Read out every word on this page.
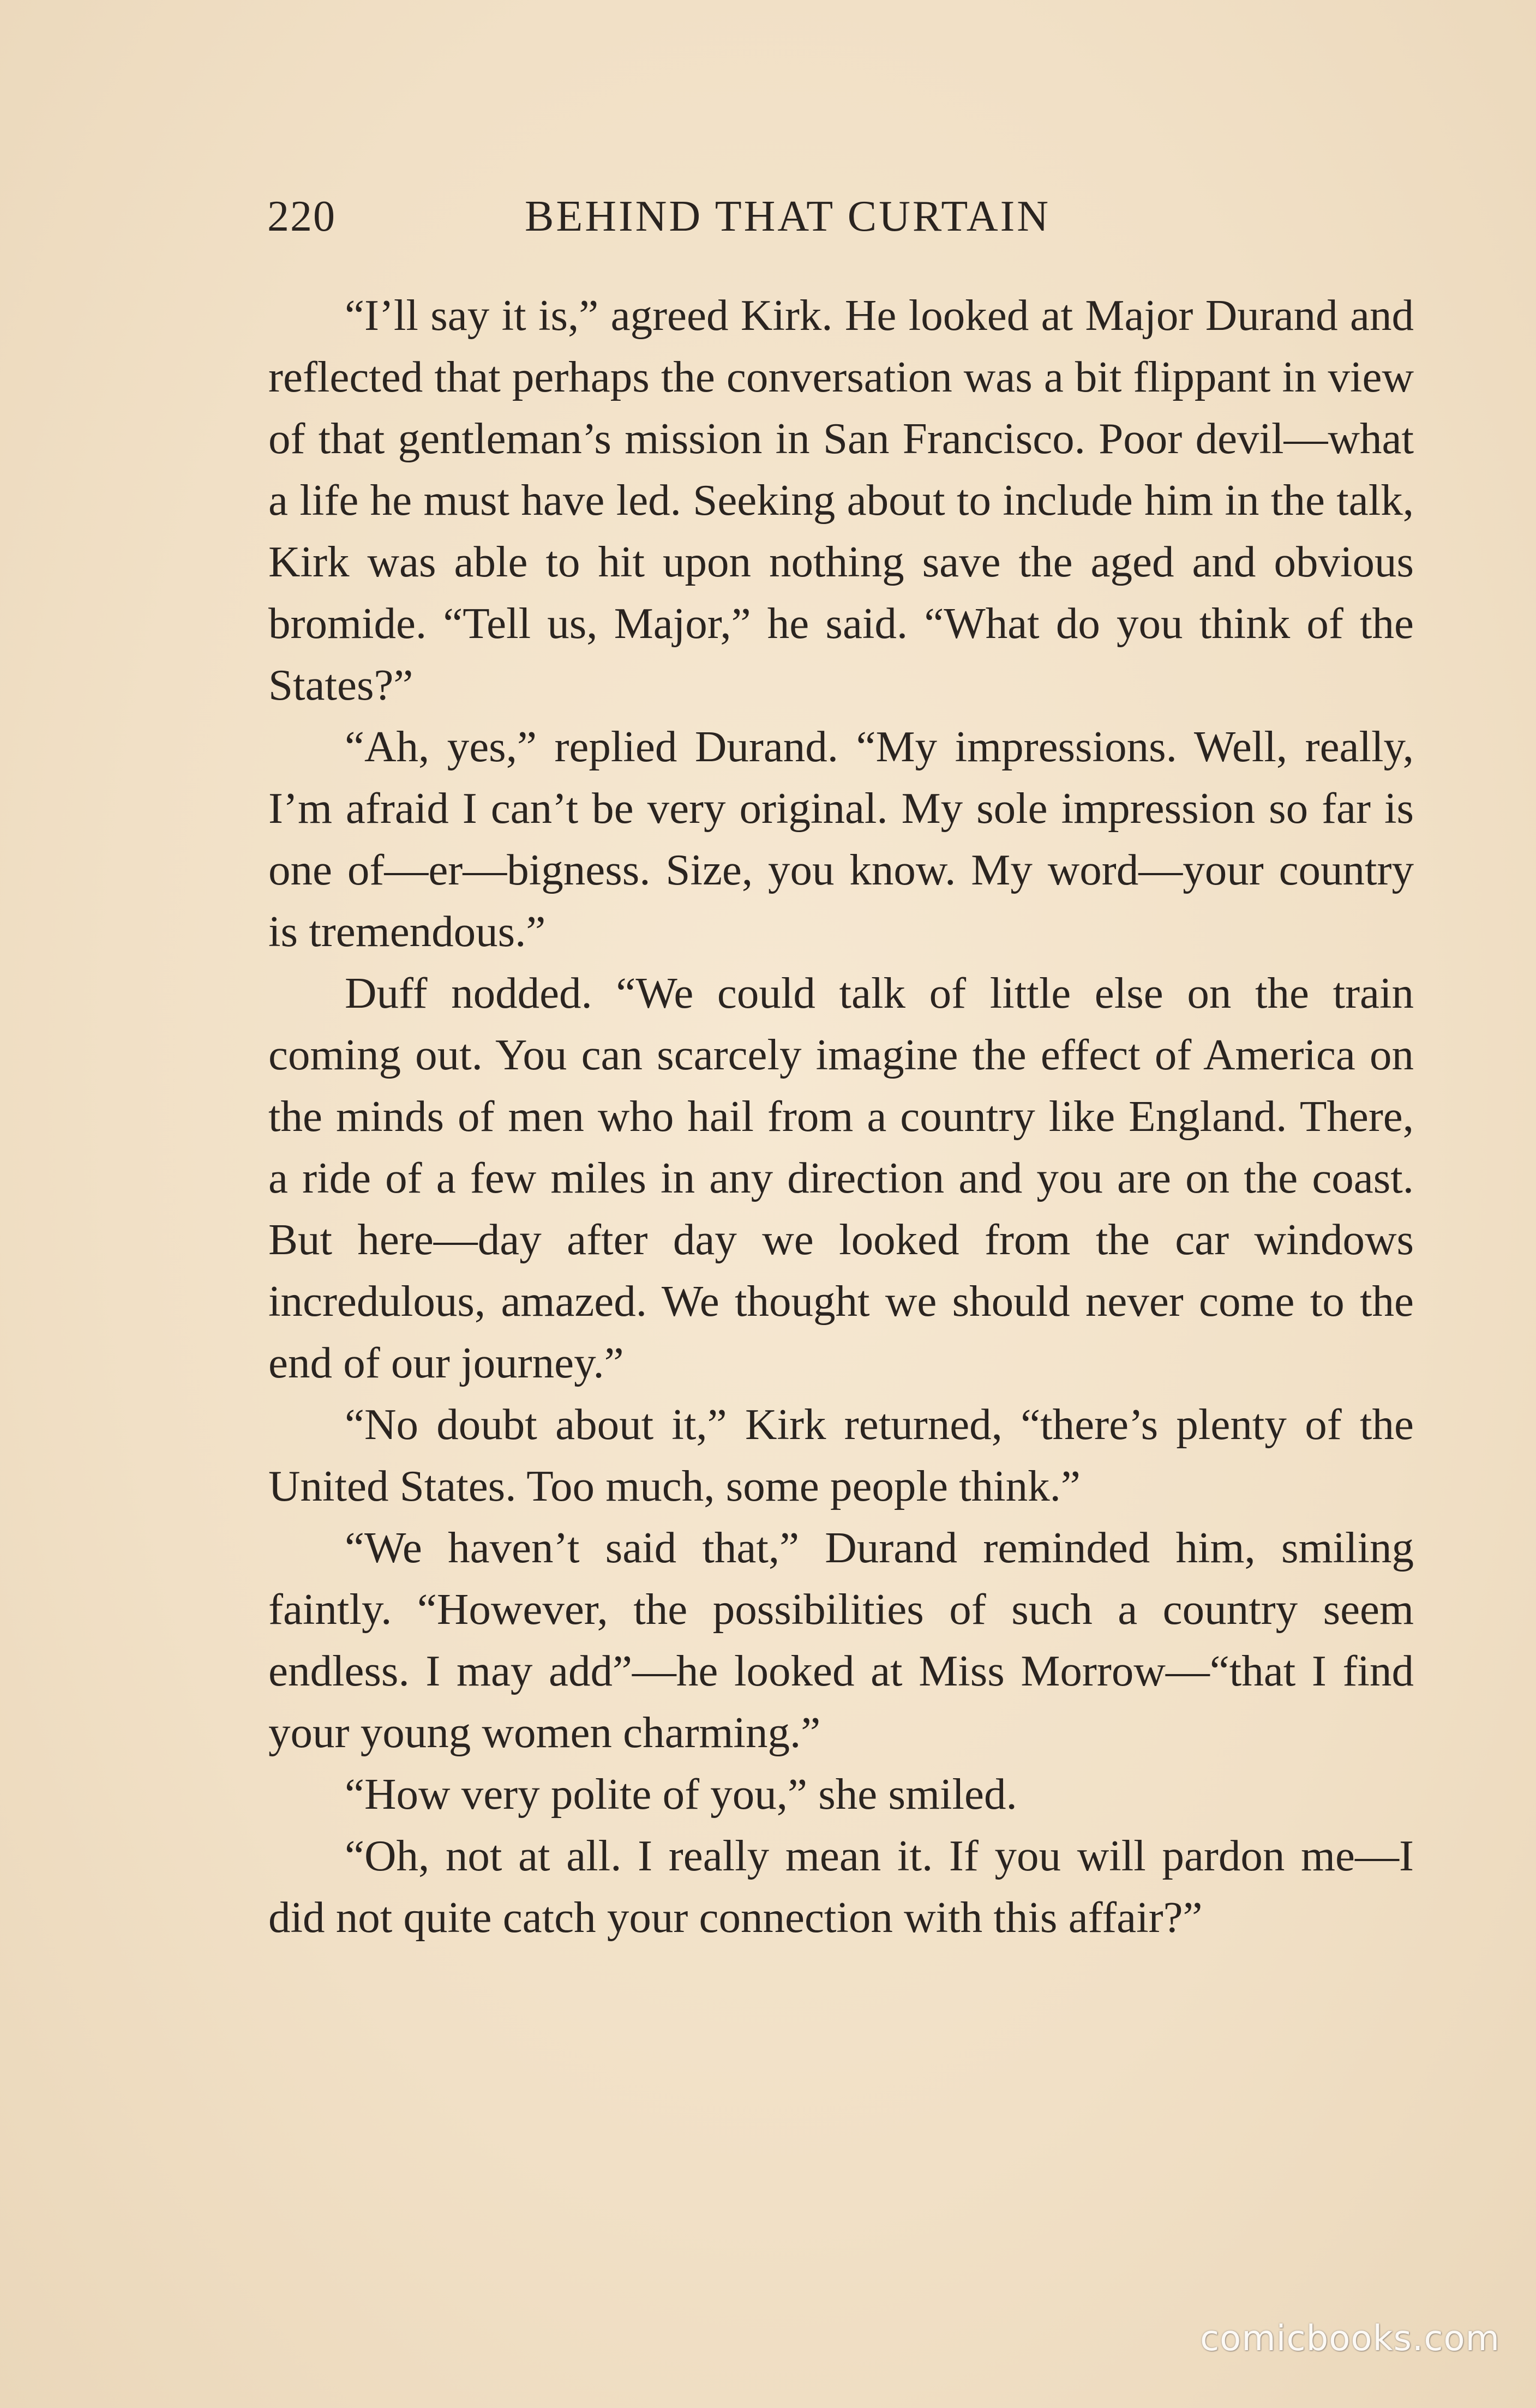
220	BEHIND THAT CURTAIN

“I’ll say it is,” agreed Kirk. He looked at Major Durand and reflected that perhaps the conversation was a bit flippant in view of that gentleman’s mission in San Francisco. Poor devil—what a life he must have led. Seeking about to include him in the talk, Kirk was able to hit upon nothing save the aged and obvious bromide. “Tell us, Major,” he said. “What do you think of the States?”

“Ah, yes,” replied Durand. “My impressions. Well, really, I’m afraid I can’t be very original. My sole impression so far is one of—er—bigness. Size, you know. My word—your country is tremendous.”

Duff nodded. “We could talk of little else on the train coming out. You can scarcely imagine the effect of America on the minds of men who hail from a country like England. There, a ride of a few miles in any direction and you are on the coast. But here—day after day we looked from the car windows incredulous, amazed. We thought we should never come to the end of our journey.”

“No doubt about it,” Kirk returned, “there’s plenty of the United States. Too much, some people think.”

“We haven’t said that,” Durand reminded him, smiling faintly. “However, the possibilities of such a country seem endless. I may add”—he looked at Miss Morrow—“that I find your young women charming.”

“How very polite of you,” she smiled.

“Oh, not at all. I really mean it. If you will pardon me—I did not quite catch your connection with this affair?”

comicbooks.com
